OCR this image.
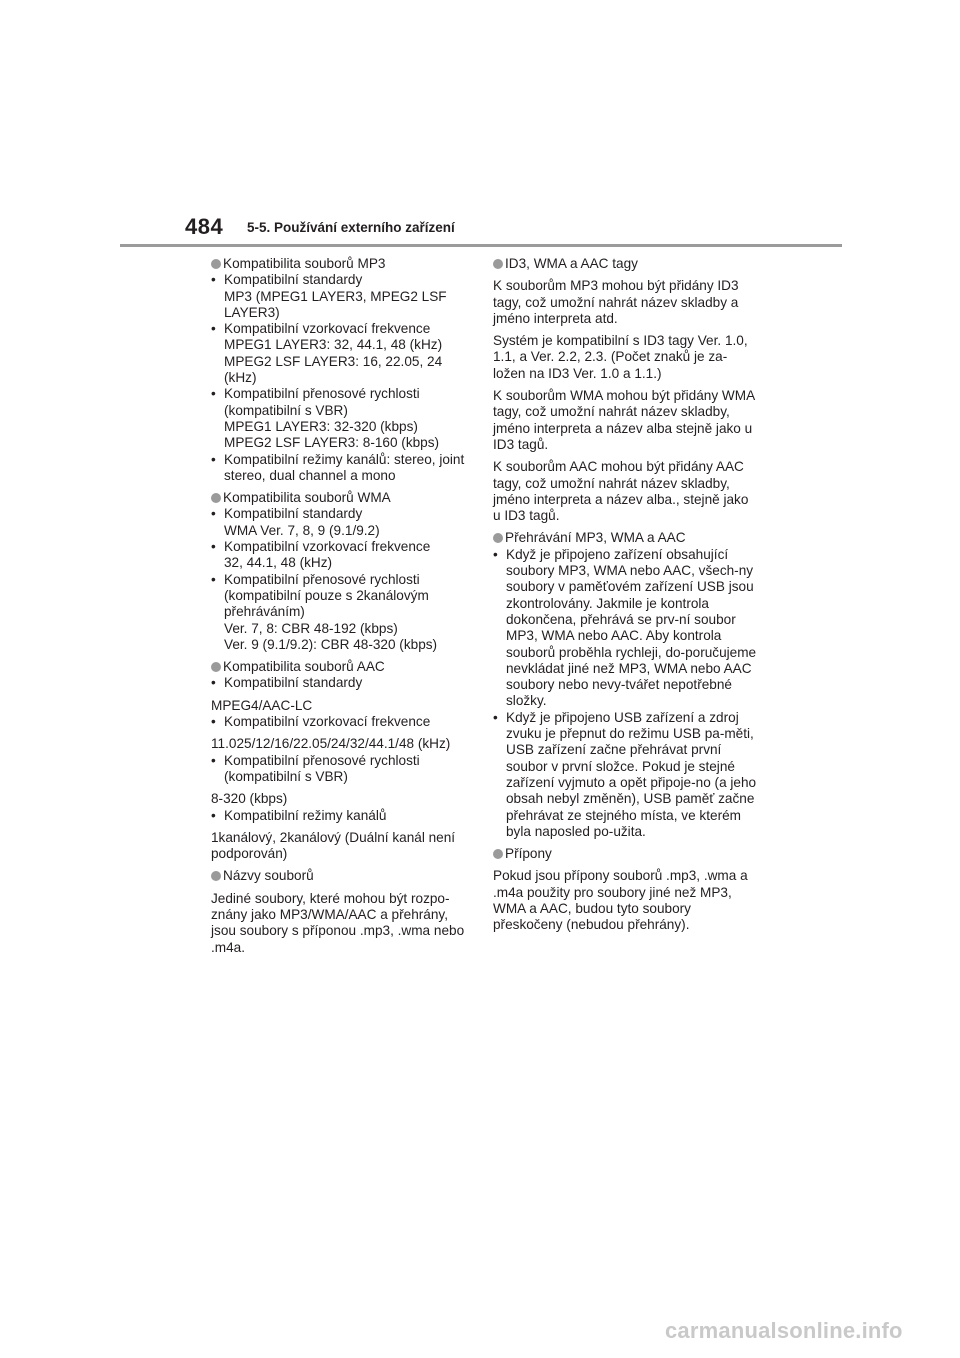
484 5-5. Používání externího zařízení
Kompatibilita souborů MP3
• Kompatibilní standardy
MP3 (MPEG1 LAYER3, MPEG2 LSF LAYER3)
• Kompatibilní vzorkovací frekvence
MPEG1 LAYER3: 32, 44.1, 48 (kHz)
MPEG2 LSF LAYER3: 16, 22.05, 24 (kHz)
• Kompatibilní přenosové rychlosti (kompatibilní s VBR)
MPEG1 LAYER3: 32-320 (kbps)
MPEG2 LSF LAYER3: 8-160 (kbps)
• Kompatibilní režimy kanálů: stereo, joint stereo, dual channel a mono
Kompatibilita souborů WMA
• Kompatibilní standardy
WMA Ver. 7, 8, 9 (9.1/9.2)
• Kompatibilní vzorkovací frekvence
32, 44.1, 48 (kHz)
• Kompatibilní přenosové rychlosti (kompatibilní pouze s 2kanálovým přehráváním)
Ver. 7, 8: CBR 48-192 (kbps)
Ver. 9 (9.1/9.2): CBR 48-320 (kbps)
Kompatibilita souborů AAC
• Kompatibilní standardy
MPEG4/AAC-LC
• Kompatibilní vzorkovací frekvence
11.025/12/16/22.05/24/32/44.1/48 (kHz)
• Kompatibilní přenosové rychlosti (kompatibilní s VBR)
8-320 (kbps)
• Kompatibilní režimy kanálů
1kanálový, 2kanálový (Duální kanál není podporován)
Názvy souborů
Jediné soubory, které mohou být rozpo-znány jako MP3/WMA/AAC a přehrány, jsou soubory s příponou .mp3, .wma nebo .m4a.
ID3, WMA a AAC tagy
K souborům MP3 mohou být přidány ID3 tagy, což umožní nahrát název skladby a jméno interpreta atd.
Systém je kompatibilní s ID3 tagy Ver. 1.0, 1.1, a Ver. 2.2, 2.3. (Počet znaků je za-ložen na ID3 Ver. 1.0 a 1.1.)
K souborům WMA mohou být přidány WMA tagy, což umožní nahrát název skladby, jméno interpreta a název alba stejně jako u ID3 tagů.
K souborům AAC mohou být přidány AAC tagy, což umožní nahrát název skladby, jméno interpreta a název alba., stejně jako u ID3 tagů.
Přehrávání MP3, WMA a AAC
• Když je připojeno zařízení obsahující soubory MP3, WMA nebo AAC, všech-ny soubory v paměťovém zařízení USB jsou zkontrolovány. Jakmile je kontrola dokončena, přehrává se prv-ní soubor MP3, WMA nebo AAC. Aby kontrola souborů proběhla rychleji, do-poručujeme nevkládat jiné než MP3, WMA nebo AAC soubory nebo nevy-tvářet nepotřebné složky.
• Když je připojeno USB zařízení a zdroj zvuku je přepnut do režimu USB pa-měti, USB zařízení začne přehrávat první soubor v první složce. Pokud je stejné zařízení vyjmuto a opět připoje-no (a jeho obsah nebyl změněn), USB paměť začne přehrávat ze stejného místa, ve kterém byla naposled po-užita.
Přípony
Pokud jsou přípony souborů .mp3, .wma a .m4a použity pro soubory jiné než MP3, WMA a AAC, budou tyto soubory přeskočeny (nebudou přehrány).
carmanualsonline.info
